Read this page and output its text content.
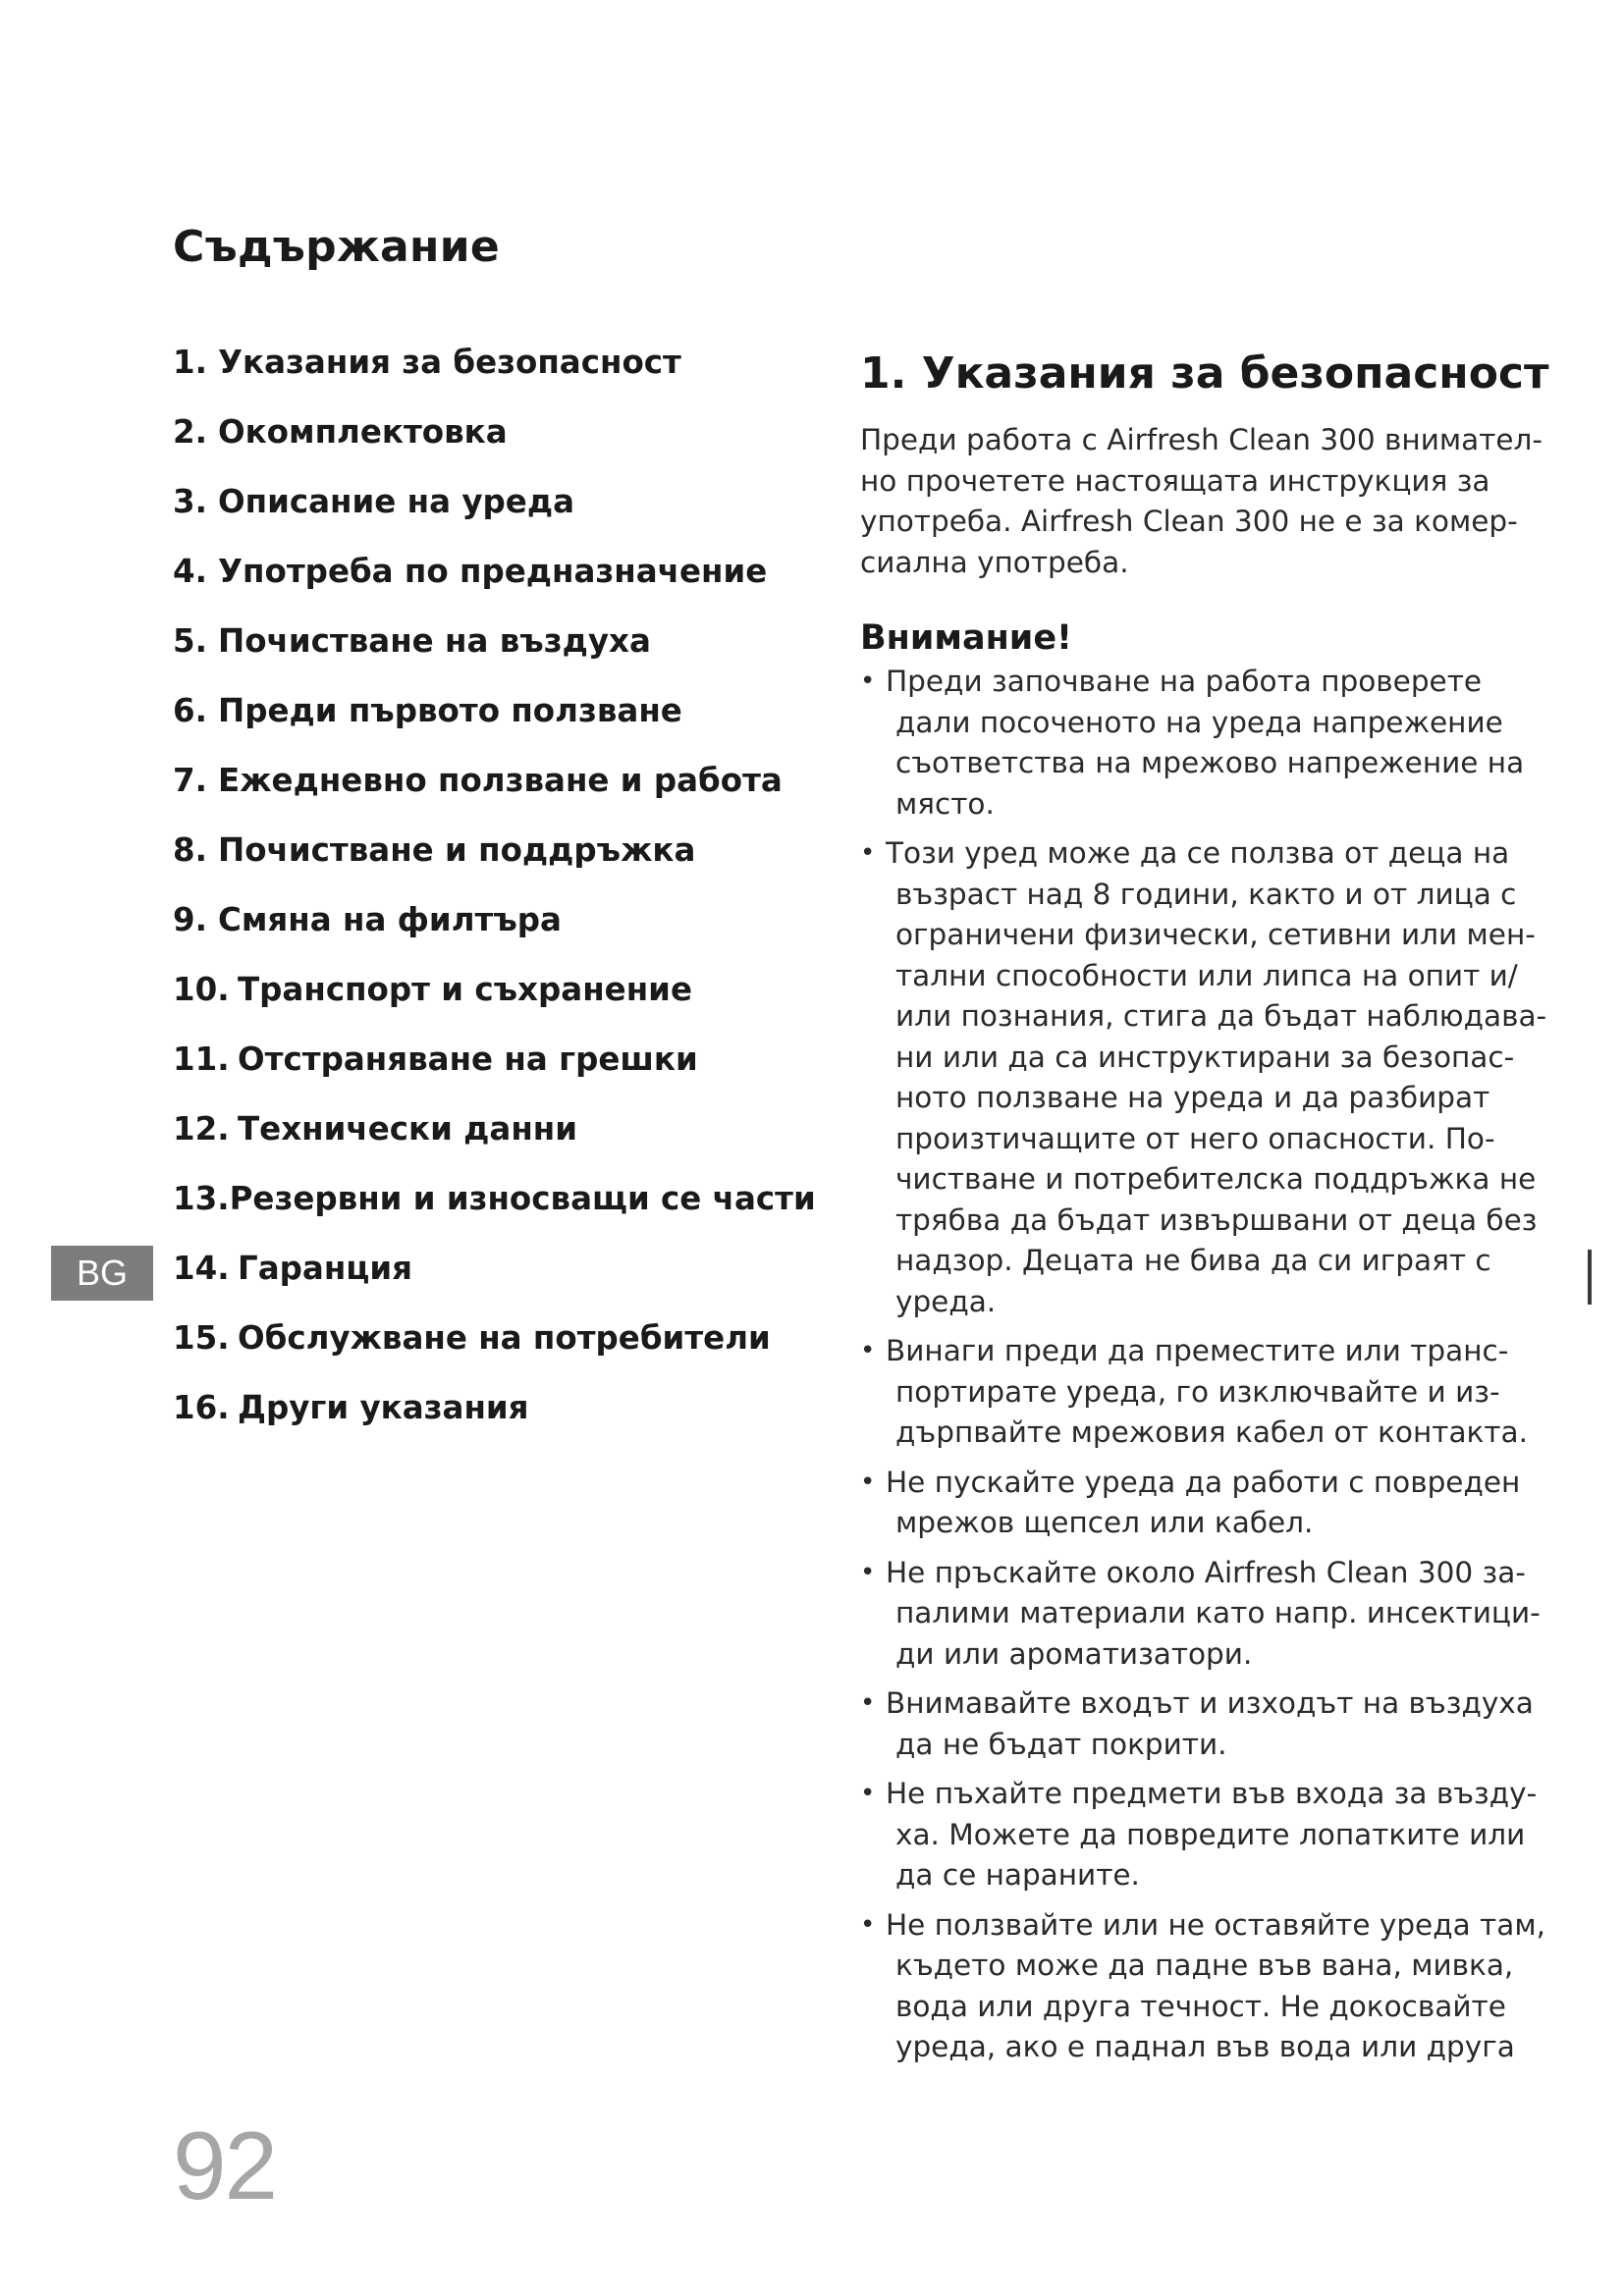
Съдържание
1. Указания за безопасност
2. Окомплектовка
3. Описание на уреда
4. Употреба по предназначение
5. Почистване на въздуха
6. Преди първото ползване
7. Ежедневно ползване и работа
8. Почистване и поддръжка
9. Смяна на филтъра
10. Транспорт и съхранение
11. Отстраняване на грешки
12. Технически данни
13. Резервни и износващи се части
14. Гаранция
15. Обслужване на потребители
16. Други указания
BG
92
1. Указания за безопасност

Преди работа с Airfresh Clean 300 внимател-
но прочетете настоящата инструкция за
употреба. Airfresh Clean 300 не е за комер-
сиална употреба.

Внимание!
• Преди започване на работа проверете
дали посоченото на уреда напрежение
съответства на мрежово напрежение на
място.
• Този уред може да се ползва от деца на
възраст над 8 години, както и от лица с
ограничени физически, сетивни или мен-
тални способности или липса на опит и/
или познания, стига да бъдат наблюдава-
ни или да са инструктирани за безопас-
ното ползване на уреда и да разбират
произтичащите от него опасности. По-
чистване и потребителска поддръжка не
трябва да бъдат извършвани от деца без
надзор. Децата не бива да си играят с
уреда.
• Винаги преди да преместите или транс-
портирате уреда, го изключвайте и из-
дърпвайте мрежовия кабел от контакта.
• Не пускайте уреда да работи с повреден
мрежов щепсел или кабел.
• Не пръскайте около Airfresh Clean 300 за-
палими материали като напр. инсектици-
ди или ароматизатори.
• Внимавайте входът и изходът на въздуха
да не бъдат покрити.
• Не пъхайте предмети във входа за възду-
ха. Можете да повредите лопатките или
да се нараните.
• Не ползвайте или не оставяйте уреда там,
където може да падне във вана, мивка,
вода или друга течност. Не докосвайте
уреда, ако е паднал във вода или друга
